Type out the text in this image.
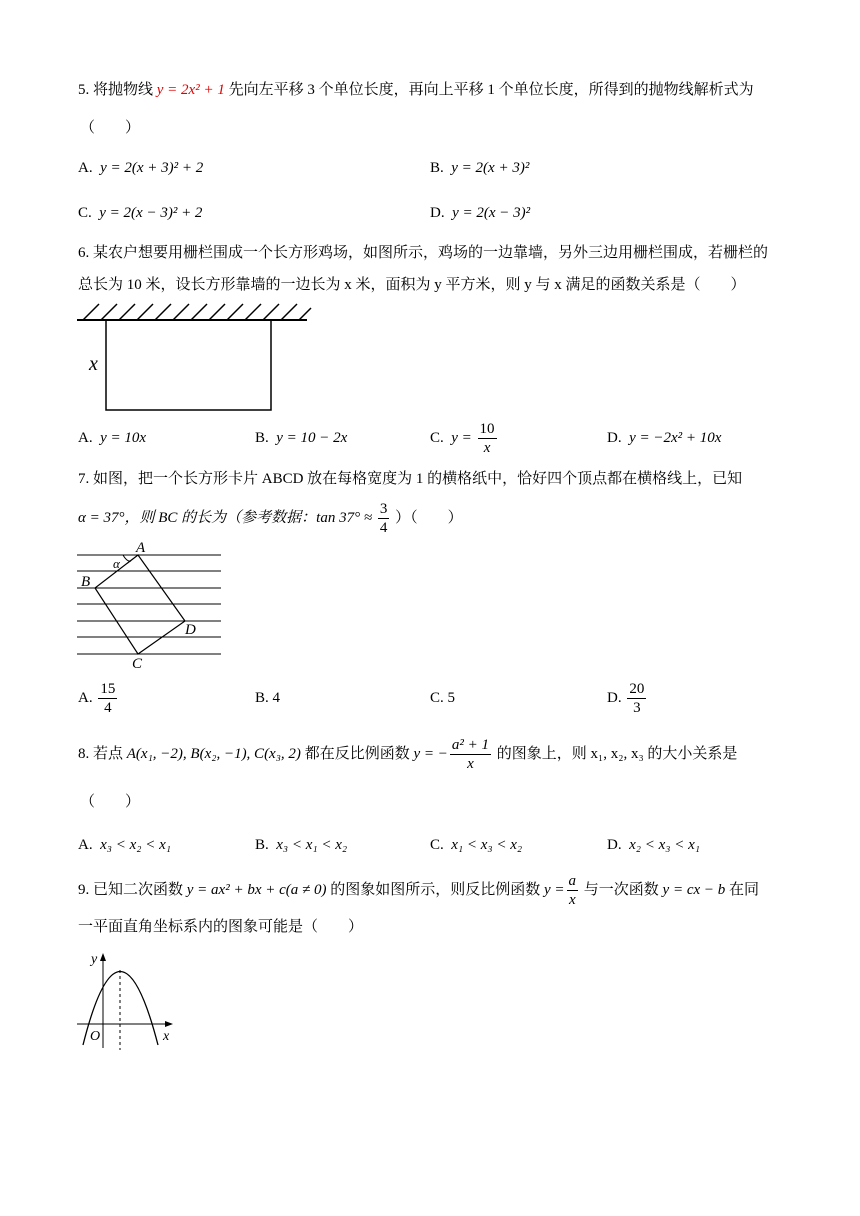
5. 将抛物线 y = 2x² + 1 先向左平移 3 个单位长度，再向上平移 1 个单位长度，所得到的抛物线解析式为
（　　）
A. y = 2(x + 3)² + 2	B. y = 2(x + 3)²
C. y = 2(x − 3)² + 2	D. y = 2(x − 3)²
6. 某农户想要用栅栏围成一个长方形鸡场，如图所示，鸡场的一边靠墙，另外三边用栅栏围成，若栅栏的
总长为 10 米，设长方形靠墙的一边长为 x 米，面积为 y 平方米，则 y 与 x 满足的函数关系是（　　）
x
A. y = 10x	B. y = 10 − 2x	C. $y = \frac{10}{x}$	D. y = −2x² + 10x
7. 如图，把一个长方形卡片 ABCD 放在每格宽度为 1 的横格纸中，恰好四个顶点都在横格线上，已知
α = 37°，则 BC 的长为（参考数据：$\tan 37^\circ \approx \frac{3}{4}$ ）（　　）
A
B
C
D
α
A. $\frac{15}{4}$	B. 4	C. 5	D. $\frac{20}{3}$
8. 若点 A(x₁, −2), B(x₂, −1), C(x₃, 2) 都在反比例函数 y = − $\frac{\text{a² + 1}}{x}$ 的图象上，则 x₁, x₂, x₃ 的大小关系是
（　　）
A. x₃ < x₂ < x₁	B. x₃ < x₁ < x₂	C. x₁ < x₃ < x₂	D. x₂ < x₃ < x₁
9. 已知二次函数 y = ax² + bx + c(a ≠ 0) 的图象如图所示，则反比例函数 $y = \frac{a}{x}$ 与一次函数 y = cx − b 在同
一平面直角坐标系内的图象可能是（　　）
y
x
O
